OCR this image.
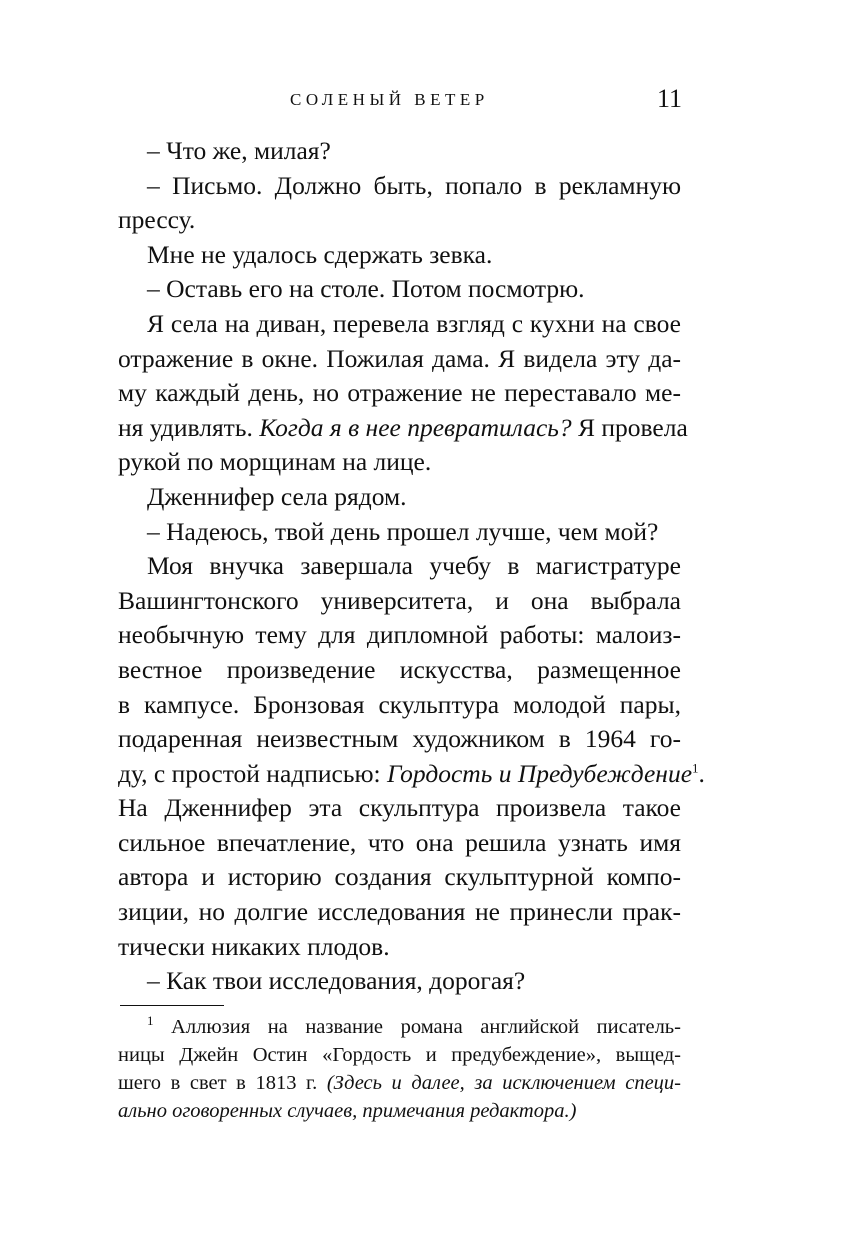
СОЛЕНЫЙ ВЕТЕР	11
– Что же, милая?
– Письмо. Должно быть, попало в рекламную
прессу.
Мне не удалось сдержать зевка.
– Оставь его на столе. Потом посмотрю.
Я села на диван, перевела взгляд с кухни на свое
отражение в окне. Пожилая дама. Я видела эту да-
му каждый день, но отражение не переставало ме-
ня удивлять. Когда я в нее превратилась? Я провела
рукой по морщинам на лице.
Дженнифер села рядом.
– Надеюсь, твой день прошел лучше, чем мой?
Моя внучка завершала учебу в магистратуре
Вашингтонского университета, и она выбрала
необычную тему для дипломной работы: малоиз-
вестное произведение искусства, размещенное
в кампусе. Бронзовая скульптура молодой пары,
подаренная неизвестным художником в 1964 го-
ду, с простой надписью: Гордость и Предубеждение$^1$.
На Дженнифер эта скульптура произвела такое
сильное впечатление, что она решила узнать имя
автора и историю создания скульптурной компо-
зиции, но долгие исследования не принесли прак-
тически никаких плодов.
– Как твои исследования, дорогая?
$^1$ Аллюзия на название романа английской писатель-
ницы Джейн Остин «Гордость и предубеждение», выщед-
шего в свет в 1813 г. (Здесь и далее, за исключением специ-
ально оговоренных случаев, примечания редактора.)
